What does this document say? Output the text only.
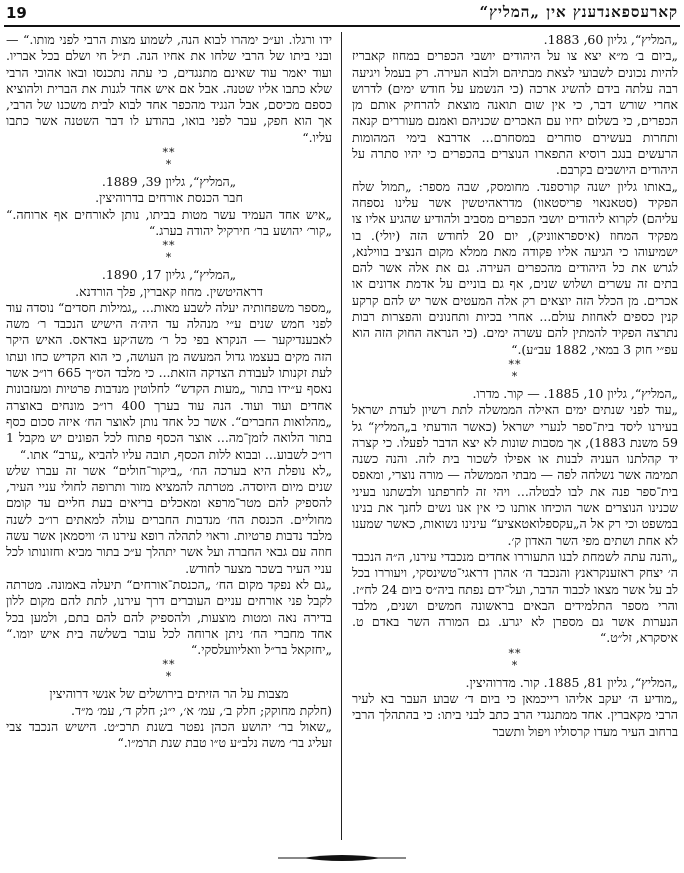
19	קארעספאנדענץ אין „המליץ“

„המליץ“, גליון 60, 1883.

„ביום ב׳ מ״א יצא צו על היהודים יושבי הכפרים במחוז קאבריז להיות נכונים לשבועי לצאת מבתיהם ולבוא העירה. רק בעמל ויגיעה רבה עלתה בידם להשיג ארכה (כי הנשמע על חודש ימים) לדרוש אחרי שורש דבר, כי אין שום תואנה מוצאת להרחיק אותם מן הכפרים, כי בשלום יחיו עם האכרים שכניהם ואמנם מעוררים קנאה ותחרות בעשירם סוחרים במסחרם... אדרבא בימי המהומות הרעשים בנגב רוסיא התפארו הנוצרים בהכפרים כי יהיו סתרה על היהודים היושבים בקרבם.

„באותו גליון ישנה קורספנד. מחומסק, שבה מספר: „תמול שלח הפקיד (סטאנאוי פריסטאוו) מדראהיטשין אשר עלינו נספחה עליהם) לקרוא ליהודים יושבי הכפרים מסביב ולהודיע שהגיע אליו צו מפקיד המחוז (איספראווניק), יום 20 לחודש הזה (יולי). בו ישמיעוהו כי הגיעה אליו פקודה מאת ממלא מקום הנציב בווילנא, לגרש את כל היהודים מהכפרים העירה. גם את אלה אשר להם בתים זה עשרים ושלוש שנים, אף גם בוניים על אדמת אדונים או אכרים. מן הכלל הזה יוצאים רק אלה המעטים אשר יש להם קרקע קנין כספים לאחוזת עולם... אחרי בכיות ותחנונים והפצרות רבות נתרצה הפקיד להמתין להם עשרה ימים. (כי הנראה החוק הזה הוא עפ״י חוק 3 במאי, 1882 עב״ע).“

**
*

„המליץ“, גליון 10, 1885. — קור. מדרו.

„עוד לפני שנתים ימים האילה הממשלה לתת רשיון לעדת ישראל בעירנו ליסד בית־ספר לנערי ישראל (כאשר הודעתי ב„המליץ“ גל 59 משנת 1883), אך מסבות שונות לא יצא הדבר לפעלו. כי קצרה יד קהלתנו העניה לבנות או אפילו לשכור בית לזה. והנה כשנה תמימה אשר נשלחה לפה — מבתי הממשלה — מורה נוצרי, ומאפס בית־ספר פנה את לבו לבטלה... ויהי זה לחרפתנו ולבשתנו בעיני שכנינו הנוצרים אשר הוכיחו אותנו כי אין אנו נשים לחנך את בנינו במשפט וכי רק אל ה„עקספלואטאציע“ עינינו נשואות, כאשר שמענו לא אחת ושתים מפי השר האדון ק׳.

„והנה עתה לשמחת לבנו התעוררו אחדים מנכבדי עירנו, ה״ה הנכבד ה׳ יצחק ראזענקראנץ והנכבד ה׳ אהרן דראגי־טשינסקי, ויעוררו בכל לב על אשר מצאו לכבוד הדבר, ועל־ידם נפתח ביה״ס ביום 24 לח״ז. והרי מספר התלמידים הבאים בראשונה חמשים ושנים, מלבד הנערות אשר גם מספרן לא יגרע. גם המורה השר באדם ט. איסקרא, זל״ט.“

**
*

„המליץ“, גליון 81, 1885. קור. מדרוהיצין.

„מודיע ה׳ יעקב אליהו רייכמאן כי ביום ד׳ שבוע העבר בא לעיר הרבי מקאברין. אחד ממתנגדי הרב כתב לבני ביתו: כי בהתהלך הרבי ברחוב העיר מעדו קרסוליו ויפול ותשבר

ידו ורגלו. וע״כ ימהרו לבוא הנה, לשמוע מצות הרבי לפני מותו.“ — ובני ביתו של הרבי שלחו את אחיו הנה. ת״ל חי ושלם בכל אבריו. ועוד יאמר עוד שאינם מתנגדים, כי עתה נתכנסו ובאו אהובי הרבי שלא כתבו אליו שטנה. אבל אם איש אחד לגנות את הברית ולהוציא כספם מכיסם, אבל הנגיד מהכפר אחד לבוא לבית משכנו של הרבי, אך הוא חפק, עבר לפני בואו, בהודע לו דבר השטנה אשר כתבו עליו.“

**
*

„המליץ“, גליון 39, 1889.

חבר הכנסת אורחים בדרוהיצין.

„איש אחד העמיד עשר מטות בביתו, נותן לאורחים אף ארוחה.“ „קור׳ יהושע בר׳ חירקיל יהודה בערג.“

**
*

„המליץ“, גליון 17, 1890.

דראהיטשין. מחוז קאברין, פלך הורדנא.

„מספר משפחותיה יעלה לשבע מאות... „גמילות חסדים“ נוסדה עוד לפני חמש שנים ע״י מנהלה עד היה׳ה הישיש הנכבד ר׳ משה לאבענדיקער — הנקרא בפי כל ר׳ משה׳קע באדאס. האיש היקר הזה מקים בעצמו גדול המעשה מן העושה, כי הוא הקדיש כחו ועתו לעת זקנותו לעבודת הצדקה הזאת... כי מלבד הס״ך 665 רו״כ אשר נאסף ע״ידו בתור „מעות הקדש“ לחלוטין מנדבות פרטיות ומעזבונות אחדים ועוד ועוד. הנה עוד בערך 400 רו״כ מונחים באוצרה „מהלואות החברים“. אשר כל אחד נותן לאוצר הח׳ איזה סכום כסף בתור הלואה לזמן־מה... אוצר הכסף פתוח לכל הפונים יש מקבל 1 רו״כ לשבוע... ובבוא ללות הכסף, תובה עליו להביא „ערב“ אתו.“

„לא נופלת היא בערכה הח׳ „ביקור־חולים“ אשר זה עברו שלש שנים מיום היוסדה. מטרתה להמציא מזור ותרופה לחולי עניי העיר, להספיק להם מטר־מרפא ומאכלים בריאים בעת חליים עד קומם מחוליים. הכנסת הח׳ מנדבות החברים עולה למאתים רו״כ לשנה מלבד נדבות פרטיות. וראוי לתהלה רופא עירנו ה׳ וויסמאן אשר עשה חוזה עם גבאי החברה ועל אשר יתהלך ע״כ בתור מביא וחזונותו לכל עניי העיר בשכר מצער לחודש.

„גם לא נפקד מקום הח׳ „הכנסת־אורחים“ תיעלה באמונה. מטרתה לקבל פני אורחים עניים העוברים דרך עירנו, לתת להם מקום ללון בדירה נאה ומטות מוצעות, ולהספיק להם להם בתם, ולמען בכל אחד מחברי הח׳ ניתן ארוחה לכל עובר בשלשה בית איש יומו.“ „יחזקאל בר״ל וואליוועלסקי.“

**
*

מצבות על הר הזיתים בירושלים של אנשי דרוהיצין

(חלקת מחוקק; חלק ב׳, עמ׳ א׳, י״ג; חלק ד׳, עמ׳ מ״ד.

„שאול בר׳ יהושע הכהן נפטר בשנת תרכ״ט. הישיש הנכבד צבי זעליג בר׳ משה נלב״ע ט״ו טבת שנת תרמ״ו.“
